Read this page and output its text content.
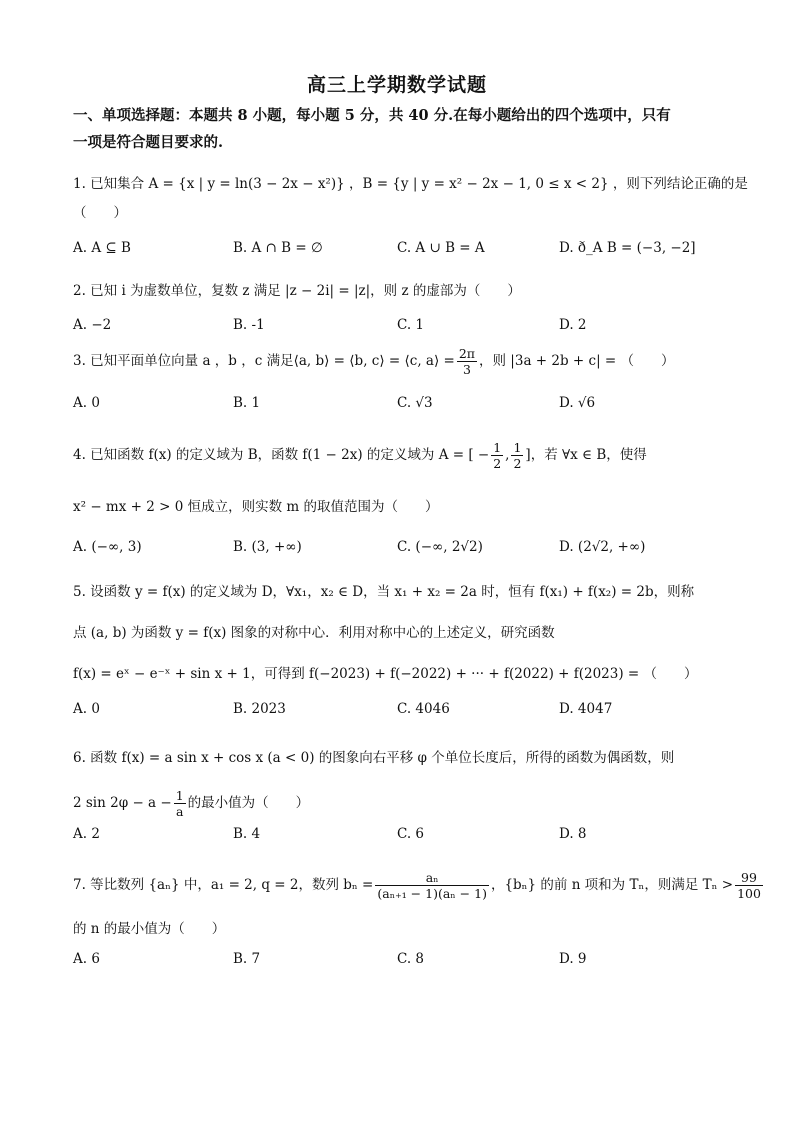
高三上学期数学试题
一、单项选择题：本题共 8 小题，每小题 5 分，共 40 分.在每小题给出的四个选项中，只有
一项是符合题目要求的.
1. 已知集合 A = {x | y = ln(3 − 2x − x²)} ，B = {y | y = x² − 2x − 1, 0 ≤ x < 2} ，则下列结论正确的是
（　　）
A. A ⊆ B	B. A ∩ B = ∅	C. A ∪ B = A	D. ð_A B = (−3, −2]
2. 已知 i 为虚数单位，复数 z 满足 |z − 2i| = |z|，则 z 的虚部为（　　）
A. −2	B. -1	C. 1	D. 2
3. 已知平面单位向量 a ，b ，c 满足⟨a, b⟩ = ⟨b, c⟩ = ⟨c, a⟩ = $\frac{2\pi}{3}$ ，则 |3a + 2b + c| = （　　）
A. 0	B. 1	C. √3	D. √6
4. 已知函数 f(x) 的定义域为 B，函数 f(1 − 2x) 的定义域为 A = [ − $\frac{1}{2}$ , $\frac{1}{2}$ ]，若 ∀x ∈ B，使得
x² − mx + 2 > 0 恒成立，则实数 m 的取值范围为（　　）
A. (−∞, 3)	B. (3, +∞)	C. (−∞, 2√2)	D. (2√2, +∞)
5. 设函数 y = f(x) 的定义域为 D，∀x₁，x₂ ∈ D，当 x₁ + x₂ = 2a 时，恒有 f(x₁) + f(x₂) = 2b，则称
点 (a, b) 为函数 y = f(x) 图象的对称中心．利用对称中心的上述定义，研究函数
f(x) = eˣ − e⁻ˣ + sin x + 1，可得到 f(−2023) + f(−2022) + ··· + f(2022) + f(2023) = （　　）
A. 0	B. 2023	C. 4046	D. 4047
6. 函数 f(x) = a sin x + cos x (a < 0) 的图象向右平移 φ 个单位长度后，所得的函数为偶函数，则
2 $\sin 2\varphi - a - \frac{1}{a}$ 的最小值为（　　）
A. 2	B. 4	C. 6	D. 8
7. 等比数列 {aₙ} 中，a₁ = 2, q = 2，数列 $b_n = \frac{\text{aₙ}}{\text{(aₙ₊₁ − 1)(aₙ − 1)}}$ ，{bₙ} 的前 n 项和为 Tₙ，则满足 $T_n > \frac{99}{100}$
的 n 的最小值为（　　）
A. 6	B. 7	C. 8	D. 9
